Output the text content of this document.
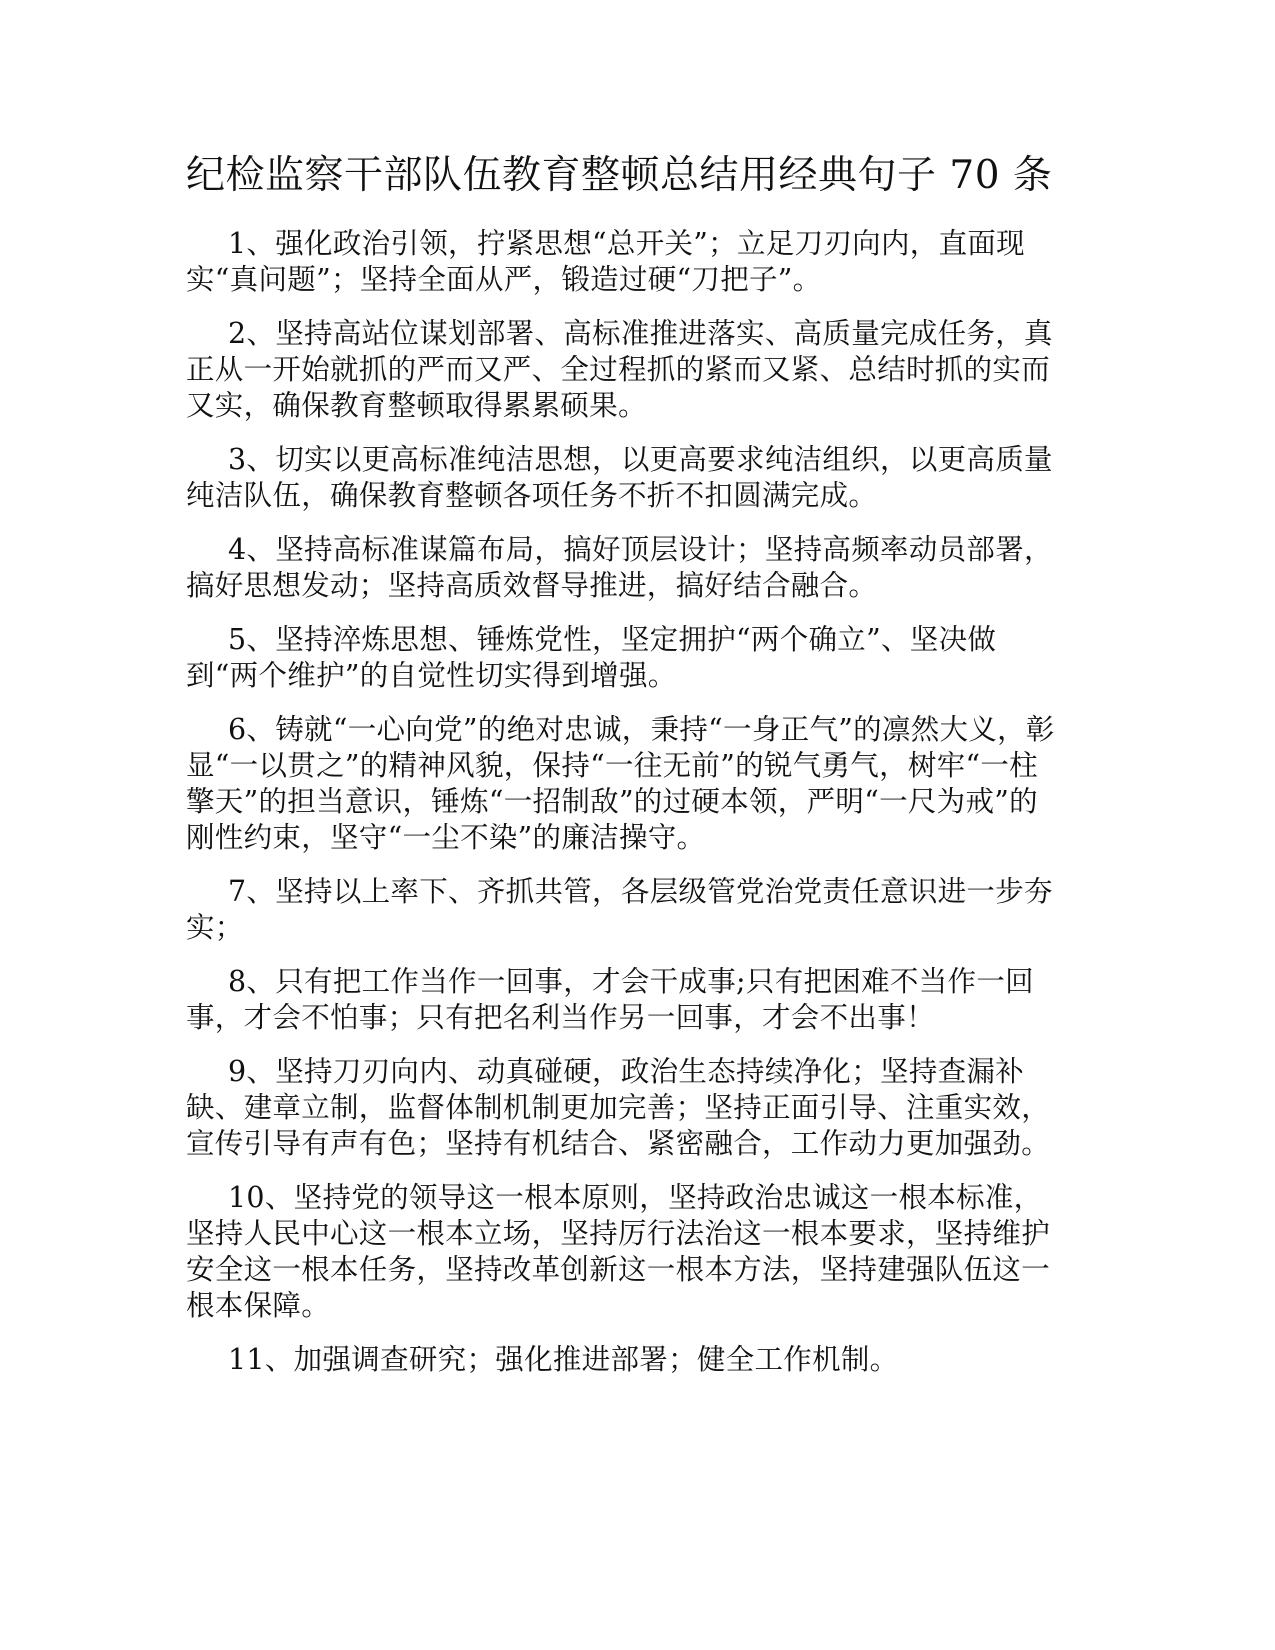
纪检监察干部队伍教育整顿总结用经典句子 70 条

1、强化政治引领，拧紧思想“总开关”；立足刀刃向内，直面现实“真问题”；坚持全面从严，锻造过硬“刀把子”。

2、坚持高站位谋划部署、高标准推进落实、高质量完成任务，真正从一开始就抓的严而又严、全过程抓的紧而又紧、总结时抓的实而又实，确保教育整顿取得累累硕果。

3、切实以更高标准纯洁思想，以更高要求纯洁组织，以更高质量纯洁队伍，确保教育整顿各项任务不折不扣圆满完成。

4、坚持高标准谋篇布局，搞好顶层设计；坚持高频率动员部署，搞好思想发动；坚持高质效督导推进，搞好结合融合。

5、坚持淬炼思想、锤炼党性，坚定拥护“两个确立”、坚决做到“两个维护”的自觉性切实得到增强。

6、铸就“一心向党”的绝对忠诚，秉持“一身正气”的凛然大义，彰显“一以贯之”的精神风貌，保持“一往无前”的锐气勇气，树牢“一柱擎天”的担当意识，锤炼“一招制敌”的过硬本领，严明“一尺为戒”的刚性约束，坚守“一尘不染”的廉洁操守。

7、坚持以上率下、齐抓共管，各层级管党治党责任意识进一步夯实；

8、只有把工作当作一回事，才会干成事;只有把困难不当作一回事，才会不怕事；只有把名利当作另一回事，才会不出事！

9、坚持刀刃向内、动真碰硬，政治生态持续净化；坚持查漏补缺、建章立制，监督体制机制更加完善；坚持正面引导、注重实效，宣传引导有声有色；坚持有机结合、紧密融合，工作动力更加强劲。

10、坚持党的领导这一根本原则，坚持政治忠诚这一根本标准，坚持人民中心这一根本立场，坚持厉行法治这一根本要求，坚持维护安全这一根本任务，坚持改革创新这一根本方法，坚持建强队伍这一根本保障。

11、加强调查研究；强化推进部署；健全工作机制。
